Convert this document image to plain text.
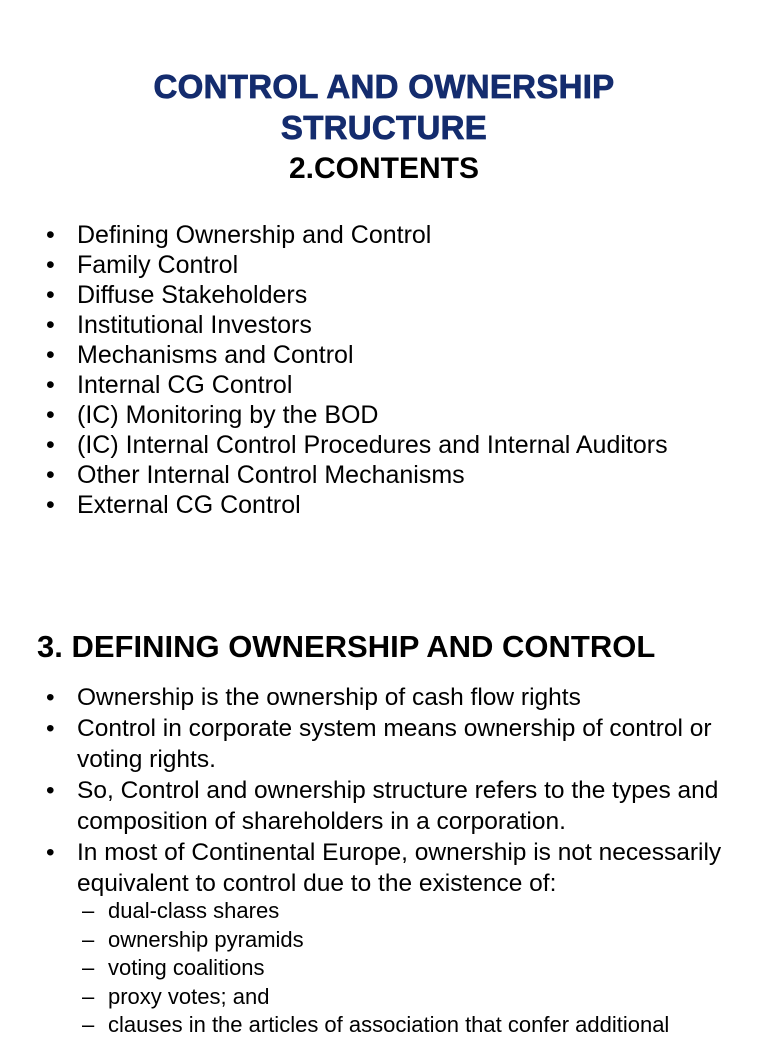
CONTROL AND OWNERSHIP
STRUCTURE
2.CONTENTS
• Defining Ownership and Control
• Family Control
• Diffuse Stakeholders
• Institutional Investors
• Mechanisms and Control
• Internal CG Control
• (IC) Monitoring by the BOD
• (IC) Internal Control Procedures and Internal Auditors
• Other Internal Control Mechanisms
• External CG Control
3. DEFINING OWNERSHIP AND CONTROL
• Ownership is the ownership of cash flow rights
• Control in corporate system means ownership of control or voting rights.
• So, Control and ownership structure refers to the types and composition of shareholders in a corporation.
• In most of Continental Europe, ownership is not necessarily equivalent to control due to the existence of:
– dual-class shares
– ownership pyramids
– voting coalitions
– proxy votes; and
– clauses in the articles of association that confer additional
